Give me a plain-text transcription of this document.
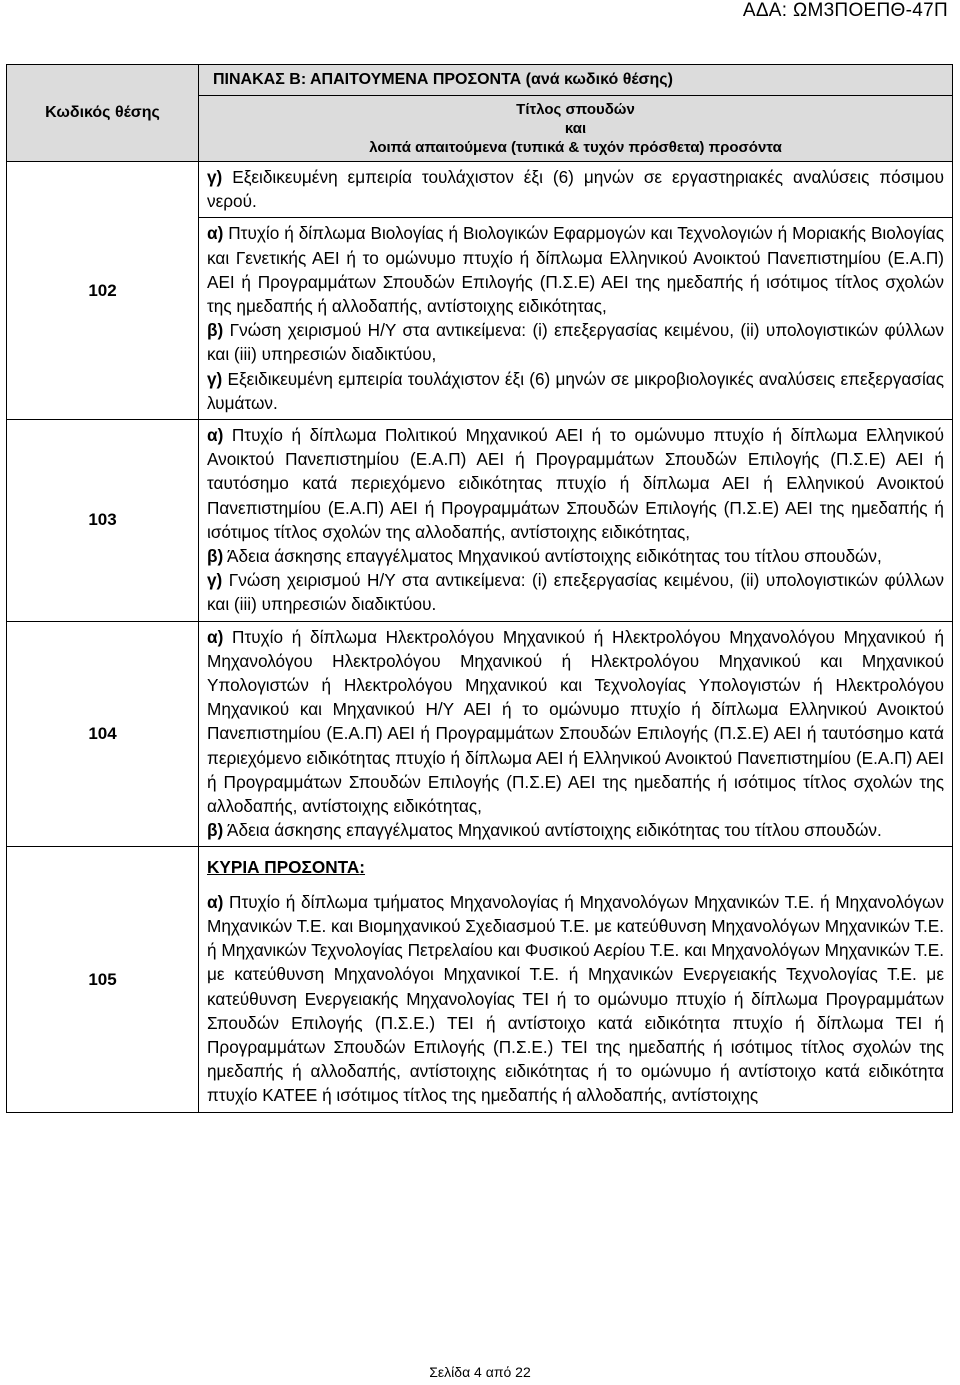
ΑΔΑ: ΩΜ3ΠΟΕΠΘ-47Π
Κωδικός θέσης	ΠΙΝΑΚΑΣ Β: ΑΠΑΙΤΟΥΜΕΝΑ ΠΡΟΣΟΝΤΑ (ανά κωδικό θέσης)

	Τίτλος σπουδών
και
λοιπά απαιτούμενα (τυπικά & τυχόν πρόσθετα) προσόντα

102	γ) Εξειδικευμένη εμπειρία τουλάχιστον έξι (6) μηνών σε εργαστηριακές αναλύσεις πόσιμου νερού.

	α) Πτυχίο ή δίπλωμα Βιολογίας ή Βιολογικών Εφαρμογών και Τεχνολογιών ή Μοριακής Βιολογίας και Γενετικής ΑΕΙ ή το ομώνυμο πτυχίο ή δίπλωμα Ελληνικού Ανοικτού Πανεπιστημίου (Ε.Α.Π) ΑΕΙ ή Προγραμμάτων Σπουδών Επιλογής (Π.Σ.Ε) ΑΕΙ της ημεδαπής ή ισότιμος τίτλος σχολών της ημεδαπής ή αλλοδαπής, αντίστοιχης ειδικότητας,

β) Γνώση χειρισμού Η/Υ στα αντικείμενα: (i) επεξεργασίας κειμένου, (ii) υπολογιστικών φύλλων και (iii) υπηρεσιών διαδικτύου,

γ) Εξειδικευμένη εμπειρία τουλάχιστον έξι (6) μηνών σε μικροβιολογικές αναλύσεις επεξεργασίας λυμάτων.

103	α) Πτυχίο ή δίπλωμα Πολιτικού Μηχανικού ΑΕΙ ή το ομώνυμο πτυχίο ή δίπλωμα Ελληνικού Ανοικτού Πανεπιστημίου (Ε.Α.Π) ΑΕΙ ή Προγραμμάτων Σπουδών Επιλογής (Π.Σ.Ε) ΑΕΙ ή ταυτόσημο κατά περιεχόμενο ειδικότητας πτυχίο ή δίπλωμα ΑΕΙ ή Ελληνικού Ανοικτού Πανεπιστημίου (Ε.Α.Π) ΑΕΙ ή Προγραμμάτων Σπουδών Επιλογής (Π.Σ.Ε) ΑΕΙ της ημεδαπής ή ισότιμος τίτλος σχολών της αλλοδαπής, αντίστοιχης ειδικότητας,

β) Άδεια άσκησης επαγγέλματος Μηχανικού αντίστοιχης ειδικότητας του τίτλου σπουδών,

γ) Γνώση χειρισμού Η/Υ στα αντικείμενα: (i) επεξεργασίας κειμένου, (ii) υπολογιστικών φύλλων και (iii) υπηρεσιών διαδικτύου.

104	α) Πτυχίο ή δίπλωμα Ηλεκτρολόγου Μηχανικού ή Ηλεκτρολόγου Μηχανολόγου Μηχανικού ή Μηχανολόγου Ηλεκτρολόγου Μηχανικού ή Ηλεκτρολόγου Μηχανικού και Μηχανικού Υπολογιστών ή Ηλεκτρολόγου Μηχανικού και Τεχνολογίας Υπολογιστών ή Ηλεκτρολόγου Μηχανικού και Μηχανικού Η/Υ ΑΕΙ ή το ομώνυμο πτυχίο ή δίπλωμα Ελληνικού Ανοικτού Πανεπιστημίου (Ε.Α.Π) ΑΕΙ ή Προγραμμάτων Σπουδών Επιλογής (Π.Σ.Ε) ΑΕΙ ή ταυτόσημο κατά περιεχόμενο ειδικότητας πτυχίο ή δίπλωμα ΑΕΙ ή Ελληνικού Ανοικτού Πανεπιστημίου (Ε.Α.Π) ΑΕΙ ή Προγραμμάτων Σπουδών Επιλογής (Π.Σ.Ε) ΑΕΙ της ημεδαπής ή ισότιμος τίτλος σχολών της αλλοδαπής, αντίστοιχης ειδικότητας,

β) Άδεια άσκησης επαγγέλματος Μηχανικού αντίστοιχης ειδικότητας του τίτλου σπουδών.

105	ΚΥΡΙΑ ΠΡΟΣΟΝΤΑ:

α) Πτυχίο ή δίπλωμα τμήματος Μηχανολογίας ή Μηχανολόγων Μηχανικών Τ.Ε. ή Μηχανολόγων Μηχανικών Τ.Ε. και Βιομηχανικού Σχεδιασμού Τ.Ε. με κατεύθυνση Μηχανολόγων Μηχανικών Τ.Ε. ή Μηχανικών Τεχνολογίας Πετρελαίου και Φυσικού Αερίου Τ.Ε. και Μηχανολόγων Μηχανικών Τ.Ε. με κατεύθυνση Μηχανολόγοι Μηχανικοί Τ.Ε. ή Μηχανικών Ενεργειακής Τεχνολογίας Τ.Ε. με κατεύθυνση Ενεργειακής Μηχανολογίας ΤΕΙ ή το ομώνυμο πτυχίο ή δίπλωμα Προγραμμάτων Σπουδών Επιλογής (Π.Σ.Ε.) ΤΕΙ ή αντίστοιχο κατά ειδικότητα πτυχίο ή δίπλωμα ΤΕΙ ή Προγραμμάτων Σπουδών Επιλογής (Π.Σ.Ε.) ΤΕΙ της ημεδαπής ή ισότιμος τίτλος σχολών της ημεδαπής ή αλλοδαπής, αντίστοιχης ειδικότητας ή το ομώνυμο ή αντίστοιχο κατά ειδικότητα πτυχίο ΚΑΤΕΕ ή ισότιμος τίτλος της ημεδαπής ή αλλοδαπής, αντίστοιχης

Σελίδα 4 από 22
